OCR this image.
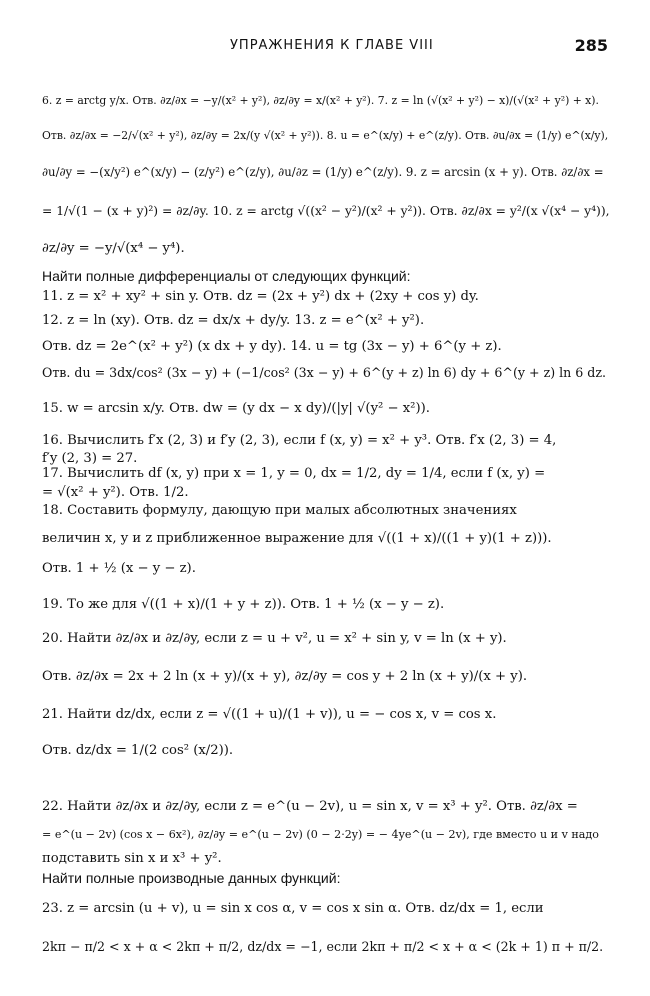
УПРАЖНЕНИЯ К ГЛАВЕ VIII	285
6. z = arctg y/x. Отв. ∂z/∂x = −y/(x² + y²), ∂z/∂y = x/(x² + y²). 7. z = ln (√(x² + y²) − x)/(√(x² + y²) + x).
Отв. ∂z/∂x = −2/√(x² + y²), ∂z/∂y = 2x/(y √(x² + y²)). 8. u = e^(x/y) + e^(z/y). Отв. ∂u/∂x = (1/y) e^(x/y),
∂u/∂y = −(x/y²) e^(x/y) − (z/y²) e^(z/y), ∂u/∂z = (1/y) e^(z/y). 9. z = arcsin (x + y). Отв. ∂z/∂x =
= 1/√(1 − (x + y)²) = ∂z/∂y. 10. z = arctg √((x² − y²)/(x² + y²)). Отв. ∂z/∂x = y²/(x √(x⁴ − y⁴)),
∂z/∂y = −y/√(x⁴ − y⁴).
Найти полные дифференциалы от следующих функций:
11. z = x² + xy² + sin y. Отв. dz = (2x + y²) dx + (2xy + cos y) dy.
12. z = ln (xy). Отв. dz = dx/x + dy/y. 13. z = e^(x² + y²).
Отв. dz = 2e^(x² + y²) (x dx + y dy). 14. u = tg (3x − y) + 6^(y + z).
Отв. du = 3dx/cos² (3x − y) + (−1/cos² (3x − y) + 6^(y + z) ln 6) dy + 6^(y + z) ln 6 dz.
15. w = arcsin x/y. Отв. dw = (y dx − x dy)/(|y| √(y² − x²)).
16. Вычислить f′x (2, 3) и f′y (2, 3), если f (x, y) = x² + y³. Отв. f′x (2, 3) = 4,
f′y (2, 3) = 27.
17. Вычислить df (x, y) при x = 1, y = 0, dx = 1/2, dy = 1/4, если f (x, y) =
= √(x² + y²). Отв. 1/2.
18. Составить формулу, дающую при малых абсолютных значениях
величин x, y и z приближенное выражение для √((1 + x)/((1 + y)(1 + z))).
Отв. 1 + ½ (x − y − z).
19. То же для √((1 + x)/(1 + y + z)). Отв. 1 + ½ (x − y − z).
20. Найти ∂z/∂x и ∂z/∂y, если z = u + v², u = x² + sin y, v = ln (x + y).
Отв. ∂z/∂x = 2x + 2 ln (x + y)/(x + y), ∂z/∂y = cos y + 2 ln (x + y)/(x + y).
21. Найти dz/dx, если z = √((1 + u)/(1 + v)), u = − cos x, v = cos x.
Отв. dz/dx = 1/(2 cos² (x/2)).
22. Найти ∂z/∂x и ∂z/∂y, если z = e^(u − 2v), u = sin x, v = x³ + y². Отв. ∂z/∂x =
= e^(u − 2v) (cos x − 6x²), ∂z/∂y = e^(u − 2v) (0 − 2·2y) = − 4ye^(u − 2v), где вместо u и v надо
подставить sin x и x³ + y².
Найти полные производные данных функций:
23. z = arcsin (u + v), u = sin x cos α, v = cos x sin α. Отв. dz/dx = 1, если
2kπ − π/2 < x + α < 2kπ + π/2, dz/dx = −1, если 2kπ + π/2 < x + α < (2k + 1) π + π/2.
